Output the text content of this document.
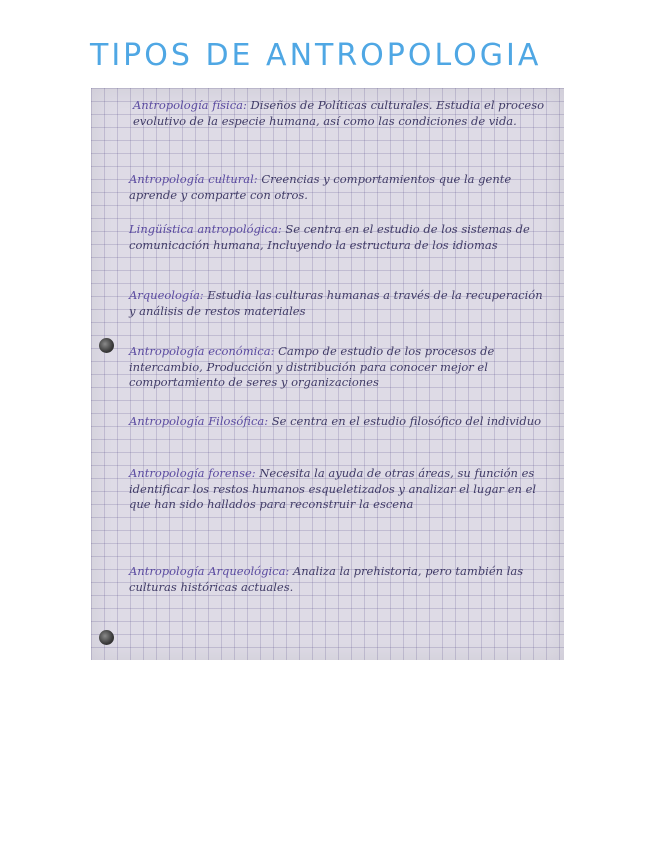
TIPOS DE ANTROPOLOGIA

Antropología física: Diseños de Políticas culturales. Estudia el proceso evolutivo de la especie humana, así como las condiciones de vida.

Antropología cultural: Creencias y comportamientos que la gente aprende y comparte con otros.

Lingüística antropológica: Se centra en el estudio de los sistemas de comunicación humana, Incluyendo la estructura de los idiomas

Arqueología: Estudia las culturas humanas a través de la recuperación y análisis de restos materiales

Antropología económica: Campo de estudio de los procesos de intercambio, Producción y distribución para conocer mejor el comportamiento de seres y organizaciones

Antropología Filosófica: Se centra en el estudio filosófico del individuo

Antropología forense: Necesita la ayuda de otras áreas, su función es identificar los restos humanos esqueletizados y analizar el lugar en el que han sido hallados para reconstruir la escena

Antropología Arqueológica: Analiza la prehistoria, pero también las culturas históricas actuales.
